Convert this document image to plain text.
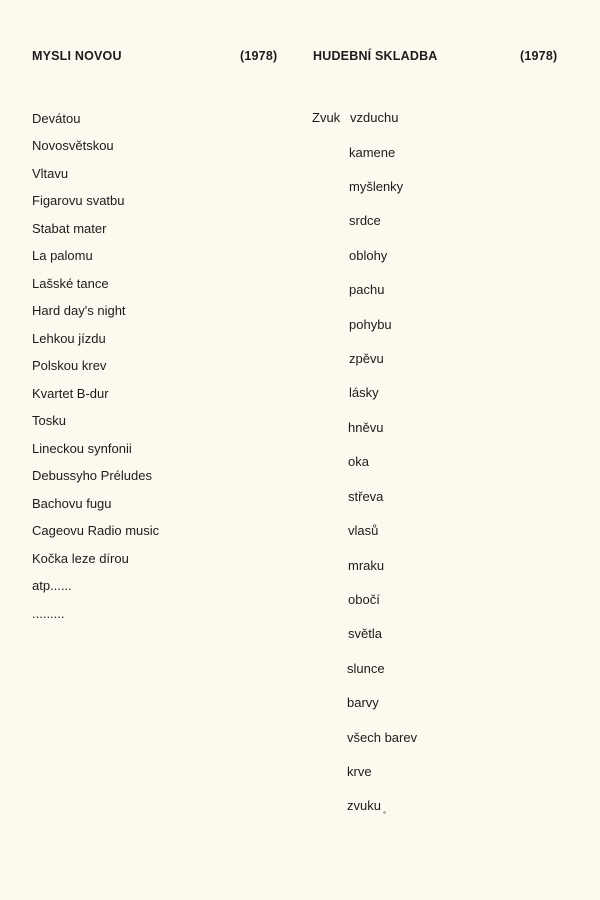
MYSLI NOVOU	(1978)	HUDEBNÍ SKLADBA	(1978)
Devátou
Novosvětskou
Vltavu
Figarovu svatbu
Stabat mater
La palomu
Lašské tance
Hard day's night
Lehkou jízdu
Polskou krev
Kvartet B-dur
Tosku
Lineckou synfonii
Debussyho Préludes
Bachovu fugu
Cageovu Radio music
Kočka leze dírou
atp......
.........
Zvuk vzduchu
kamene
myšlenky
srdce
oblohy
pachu
pohybu
zpěvu
lásky
hněvu
oka
střeva
vlasů
mraku
obočí
světla
slunce
barvy
všech barev
krve
zvuku
